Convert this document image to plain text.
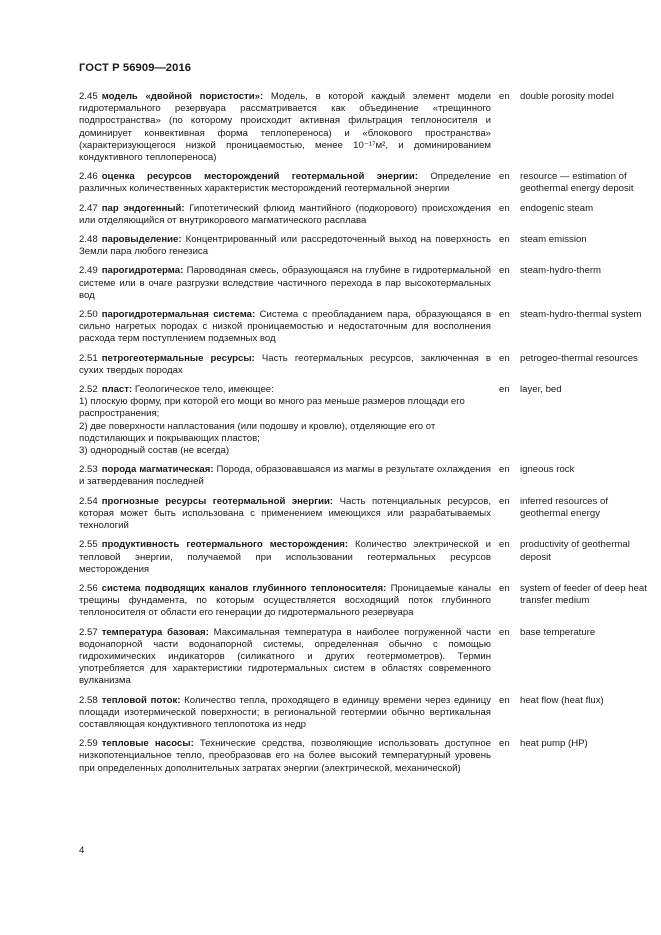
ГОСТ Р 56909—2016
2.45 модель «двойной пористости»: Модель, в которой каждый элемент модели гидротермального резервуара рассматривается как объединение «трещинного подпространства» (по которому происходит активная фильтрация теплоносителя и доминирует конвективная форма теплопереноса) и «блокового пространства» (характеризующегося низкой проницаемостью, менее 10⁻¹⁷м², и доминированием кондуктивного теплопереноса)
en	double porosity model
2.46 оценка ресурсов месторождений геотермальной энергии: Определение различных количественных характеристик месторождений геотермальной энергии
en	resource — estimation of geothermal energy deposit
2.47 пар эндогенный: Гипотетический флюид мантийного (подкорового) происхождения или отделяющийся от внутрикорового магматического расплава
en	endogenic steam
2.48 паровыделение: Концентрированный или рассредоточенный выход на поверхность Земли пара любого генезиса
en	steam emission
2.49 парогидротерма: Пароводяная смесь, образующаяся на глубине в гидротермальной системе или в очаге разгрузки вследствие частичного перехода в пар высокотермальных вод
en	steam-hydro-therm
2.50 парогидротермальная система: Система с преобладанием пара, образующаяся в сильно нагретых породах с низкой проницаемостью и недостаточным для восполнения расхода терм поступлением подземных вод
en	steam-hydro-thermal system
2.51 петрогеотермальные ресурсы: Часть геотермальных ресурсов, заключенная в сухих твердых породах
en	petrogeo-thermal resources
2.52 пласт: Геологическое тело, имеющее:
1) плоскую форму, при которой его мощи во много раз меньше размеров площади его распространения;
2) две поверхности напластования (или подошву и кровлю), отделяющие его от подстилающих и покрывающих пластов;
3) однородный состав (не всегда)
en	layer, bed
2.53 порода магматическая: Порода, образовавшаяся из магмы в результате охлаждения и затвердевания последней
en	igneous rock
2.54 прогнозные ресурсы геотермальной энергии: Часть потенциальных ресурсов, которая может быть использована с применением имеющихся или разрабатываемых технологий
en	inferred resources of geothermal energy
2.55 продуктивность геотермального месторождения: Количество электрической и тепловой энергии, получаемой при использовании геотермальных ресурсов месторождения
en	productivity of geothermal deposit
2.56 система подводящих каналов глубинного теплоносителя: Проницаемые каналы трещины фундамента, по которым осуществляется восходящий поток глубинного теплоносителя от области его генерации до гидротермального резервуара
en	system of feeder of deep heat transfer medium
2.57 температура базовая: Максимальная температура в наиболее погруженной части водонапорной части водонапорной системы, определенная обычно с помощью гидрохимических индикаторов (силикатного и других геотермометров). Термин употребляется для характеристики гидротермальных систем в областях современного вулканизма
en	base temperature
2.58 тепловой поток: Количество тепла, проходящего в единицу времени через единицу площади изотермической поверхности; в региональной геотермии обычно вертикальная составляющая кондуктивного теплопотока из недр
en	heat flow (heat flux)
2.59 тепловые насосы: Технические средства, позволяющие использовать доступное низкопотенциальное тепло, преобразовав его на более высокий температурный уровень при определенных дополнительных затратах энергии (электрической, механической)
en	heat pump (HP)
4
